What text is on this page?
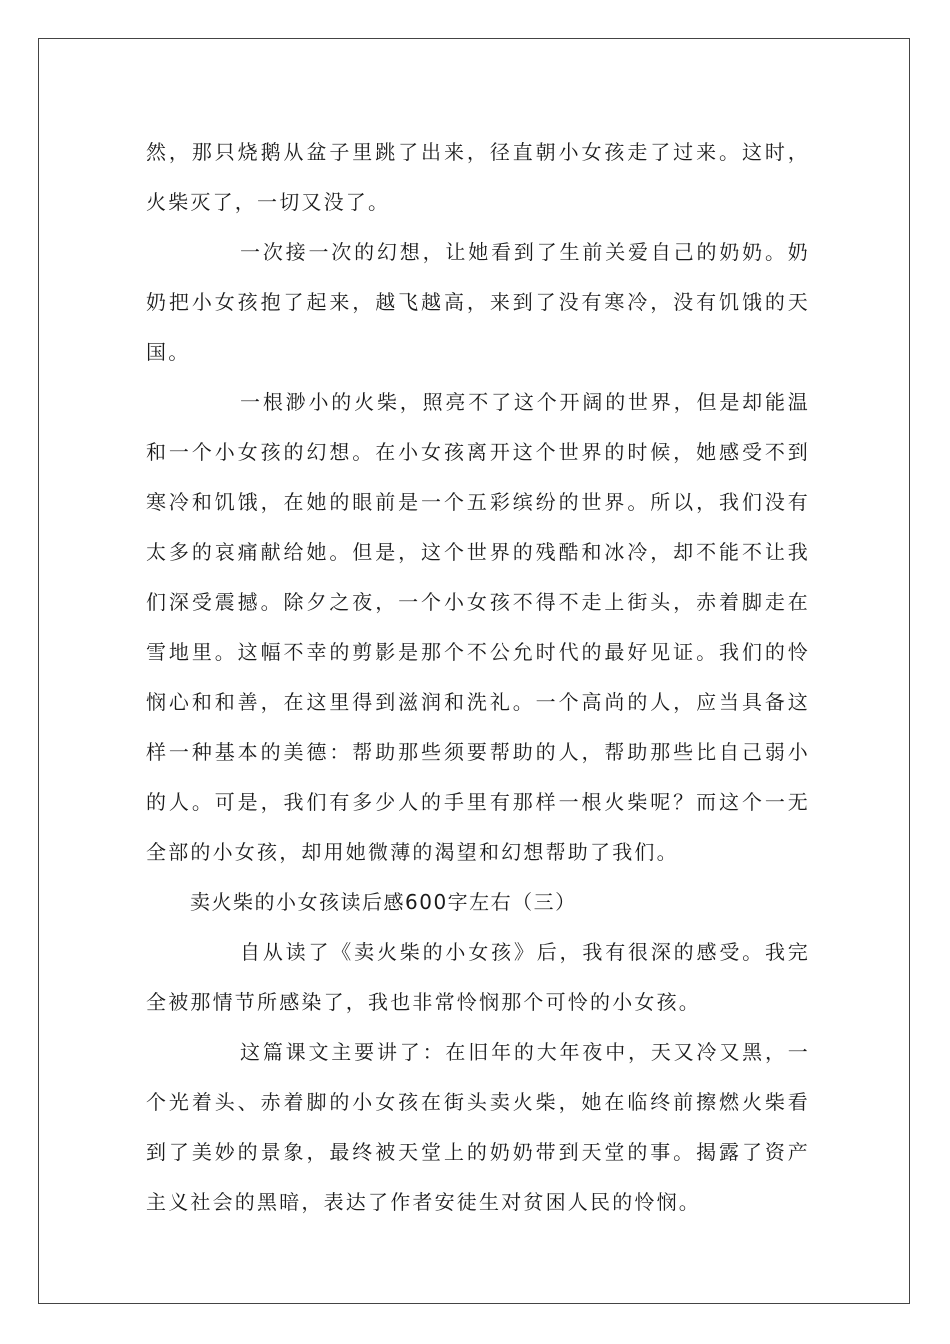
然，那只烧鹅从盆子里跳了出来，径直朝小女孩走了过来。这时，火柴灭了，一切又没了。

一次接一次的幻想，让她看到了生前关爱自己的奶奶。奶奶把小女孩抱了起来，越飞越高，来到了没有寒冷，没有饥饿的天国。

一根渺小的火柴，照亮不了这个开阔的世界，但是却能温和一个小女孩的幻想。在小女孩离开这个世界的时候，她感受不到寒冷和饥饿，在她的眼前是一个五彩缤纷的世界。所以，我们没有太多的哀痛献给她。但是，这个世界的残酷和冰冷，却不能不让我们深受震撼。除夕之夜，一个小女孩不得不走上街头，赤着脚走在雪地里。这幅不幸的剪影是那个不公允时代的最好见证。我们的怜悯心和和善，在这里得到滋润和洗礼。一个高尚的人，应当具备这样一种基本的美德：帮助那些须要帮助的人，帮助那些比自己弱小的人。可是，我们有多少人的手里有那样一根火柴呢？而这个一无全部的小女孩，却用她微薄的渴望和幻想帮助了我们。

卖火柴的小女孩读后感600字左右（三）

自从读了《卖火柴的小女孩》后，我有很深的感受。我完全被那情节所感染了，我也非常怜悯那个可怜的小女孩。

这篇课文主要讲了：在旧年的大年夜中，天又冷又黑，一个光着头、赤着脚的小女孩在街头卖火柴，她在临终前擦燃火柴看到了美妙的景象，最终被天堂上的奶奶带到天堂的事。揭露了资产主义社会的黑暗，表达了作者安徒生对贫困人民的怜悯。
